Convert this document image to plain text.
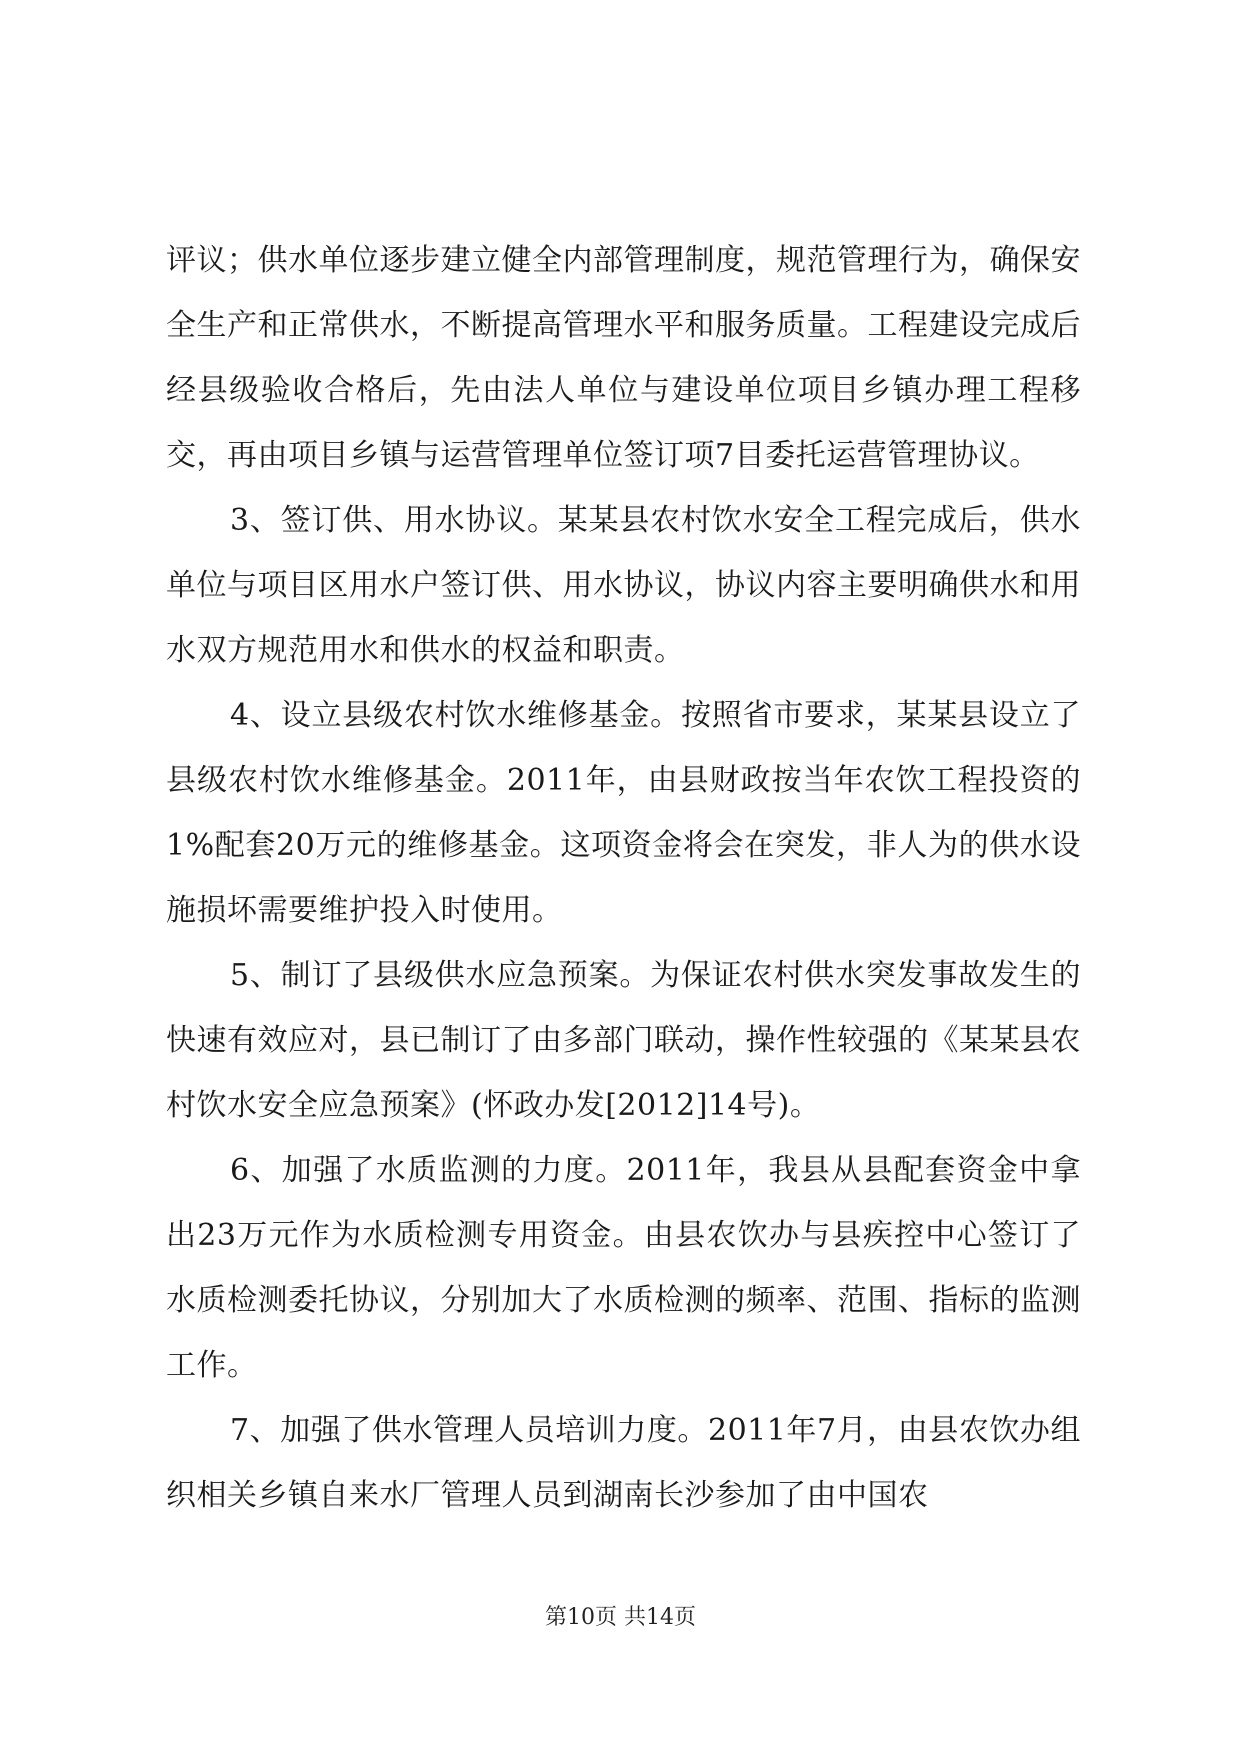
评议；供水单位逐步建立健全内部管理制度，规范管理行为，确保安全生产和正常供水，不断提高管理水平和服务质量。工程建设完成后经县级验收合格后，先由法人单位与建设单位项目乡镇办理工程移交，再由项目乡镇与运营管理单位签订项7目委托运营管理协议。

3、签订供、用水协议。某某县农村饮水安全工程完成后，供水单位与项目区用水户签订供、用水协议，协议内容主要明确供水和用水双方规范用水和供水的权益和职责。

4、设立县级农村饮水维修基金。按照省市要求，某某县设立了县级农村饮水维修基金。2011年，由县财政按当年农饮工程投资的1%配套20万元的维修基金。这项资金将会在突发，非人为的供水设施损坏需要维护投入时使用。

5、制订了县级供水应急预案。为保证农村供水突发事故发生的快速有效应对，县已制订了由多部门联动，操作性较强的《某某县农村饮水安全应急预案》(怀政办发[2012]14号)。

6、加强了水质监测的力度。2011年，我县从县配套资金中拿出23万元作为水质检测专用资金。由县农饮办与县疾控中心签订了水质检测委托协议，分别加大了水质检测的频率、范围、指标的监测工作。

7、加强了供水管理人员培训力度。2011年7月，由县农饮办组织相关乡镇自来水厂管理人员到湖南长沙参加了由中国农

第10页 共14页
